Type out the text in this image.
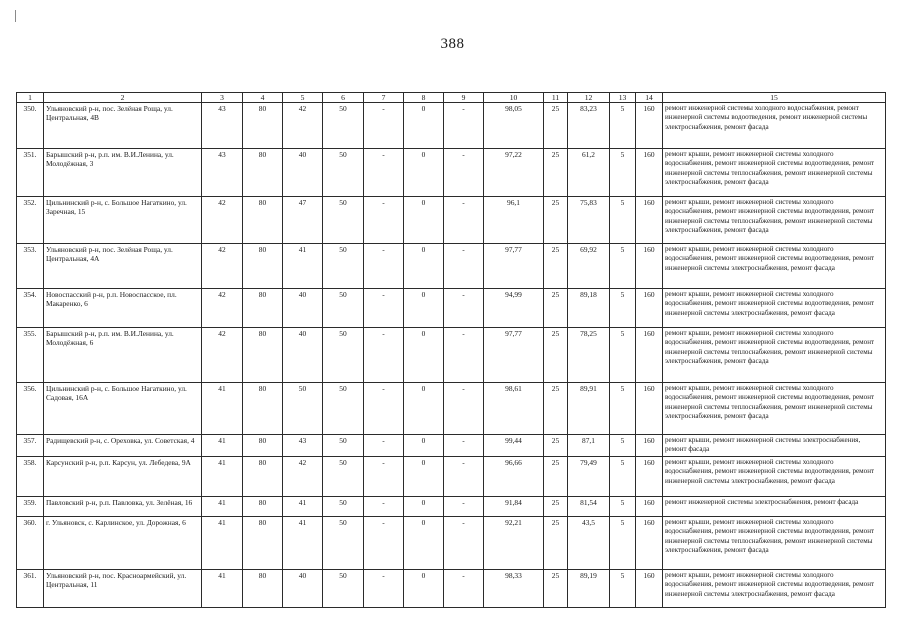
388
1	2	3	4	5	6	7	8	9	10	11	12	13	14	15
350.	Ульяновский р-н, пос. Зелёная Роща, ул. Центральная, 4В	43	80	42	50	-	0	-	98,05	25	83,23	5	160	ремонт инженерной системы холодного водоснабжения, ремонт инженерной системы водоотведения, ремонт инженерной системы электроснабжения, ремонт фасада
351.	Барышский р-н, р.п. им. В.И.Ленина, ул. Молодёжная, 3	43	80	40	50	-	0	-	97,22	25	61,2	5	160	ремонт крыши, ремонт инженерной системы холодного водоснабжения, ремонт инженерной системы водоотведения, ремонт инженерной системы теплоснабжения, ремонт инженерной системы электроснабжения, ремонт фасада
352.	Цильнинский р-н, с. Большое Нагаткино, ул. Заречная, 15	42	80	47	50	-	0	-	96,1	25	75,83	5	160	ремонт крыши, ремонт инженерной системы холодного водоснабжения, ремонт инженерной системы водоотведения, ремонт инженерной системы теплоснабжения, ремонт инженерной системы электроснабжения, ремонт фасада
353.	Ульяновский р-н, пос. Зелёная Роща, ул. Центральная, 4А	42	80	41	50	-	0	-	97,77	25	69,92	5	160	ремонт крыши, ремонт инженерной системы холодного водоснабжения, ремонт инженерной системы водоотведения, ремонт инженерной системы электроснабжения, ремонт фасада
354.	Новоспасский р-н, р.п. Новоспасское, пл. Макаренко, 6	42	80	40	50	-	0	-	94,99	25	89,18	5	160	ремонт крыши, ремонт инженерной системы холодного водоснабжения, ремонт инженерной системы водоотведения, ремонт инженерной системы электроснабжения, ремонт фасада
355.	Барышский р-н, р.п. им. В.И.Ленина, ул. Молодёжная, 6	42	80	40	50	-	0	-	97,77	25	78,25	5	160	ремонт крыши, ремонт инженерной системы холодного водоснабжения, ремонт инженерной системы водоотведения, ремонт инженерной системы теплоснабжения, ремонт инженерной системы электроснабжения, ремонт фасада
356.	Цильнинский р-н, с. Большое Нагаткино, ул. Садовая, 16А	41	80	50	50	-	0	-	98,61	25	89,91	5	160	ремонт крыши, ремонт инженерной системы холодного водоснабжения, ремонт инженерной системы водоотведения, ремонт инженерной системы теплоснабжения, ремонт инженерной системы электроснабжения, ремонт фасада
357.	Радищевский р-н, с. Ореховка, ул. Советская, 4	41	80	43	50	-	0	-	99,44	25	87,1	5	160	ремонт крыши, ремонт инженерной системы электроснабжения, ремонт фасада
358.	Карсунский р-н, р.п. Карсун, ул. Лебедева, 9А	41	80	42	50	-	0	-	96,66	25	79,49	5	160	ремонт крыши, ремонт инженерной системы холодного водоснабжения, ремонт инженерной системы водоотведения, ремонт инженерной системы электроснабжения, ремонт фасада
359.	Павловский р-н, р.п. Павловка, ул. Зелёная, 16	41	80	41	50	-	0	-	91,84	25	81,54	5	160	ремонт инженерной системы электроснабжения, ремонт фасада
360.	г. Ульяновск, с. Карлинское, ул. Дорожная, 6	41	80	41	50	-	0	-	92,21	25	43,5	5	160	ремонт крыши, ремонт инженерной системы холодного водоснабжения, ремонт инженерной системы водоотведения, ремонт инженерной системы теплоснабжения, ремонт инженерной системы электроснабжения, ремонт фасада
361.	Ульяновский р-н, пос. Красноармейский, ул. Центральная, 11	41	80	40	50	-	0	-	98,33	25	89,19	5	160	ремонт крыши, ремонт инженерной системы холодного водоснабжения, ремонт инженерной системы водоотведения, ремонт инженерной системы электроснабжения, ремонт фасада
